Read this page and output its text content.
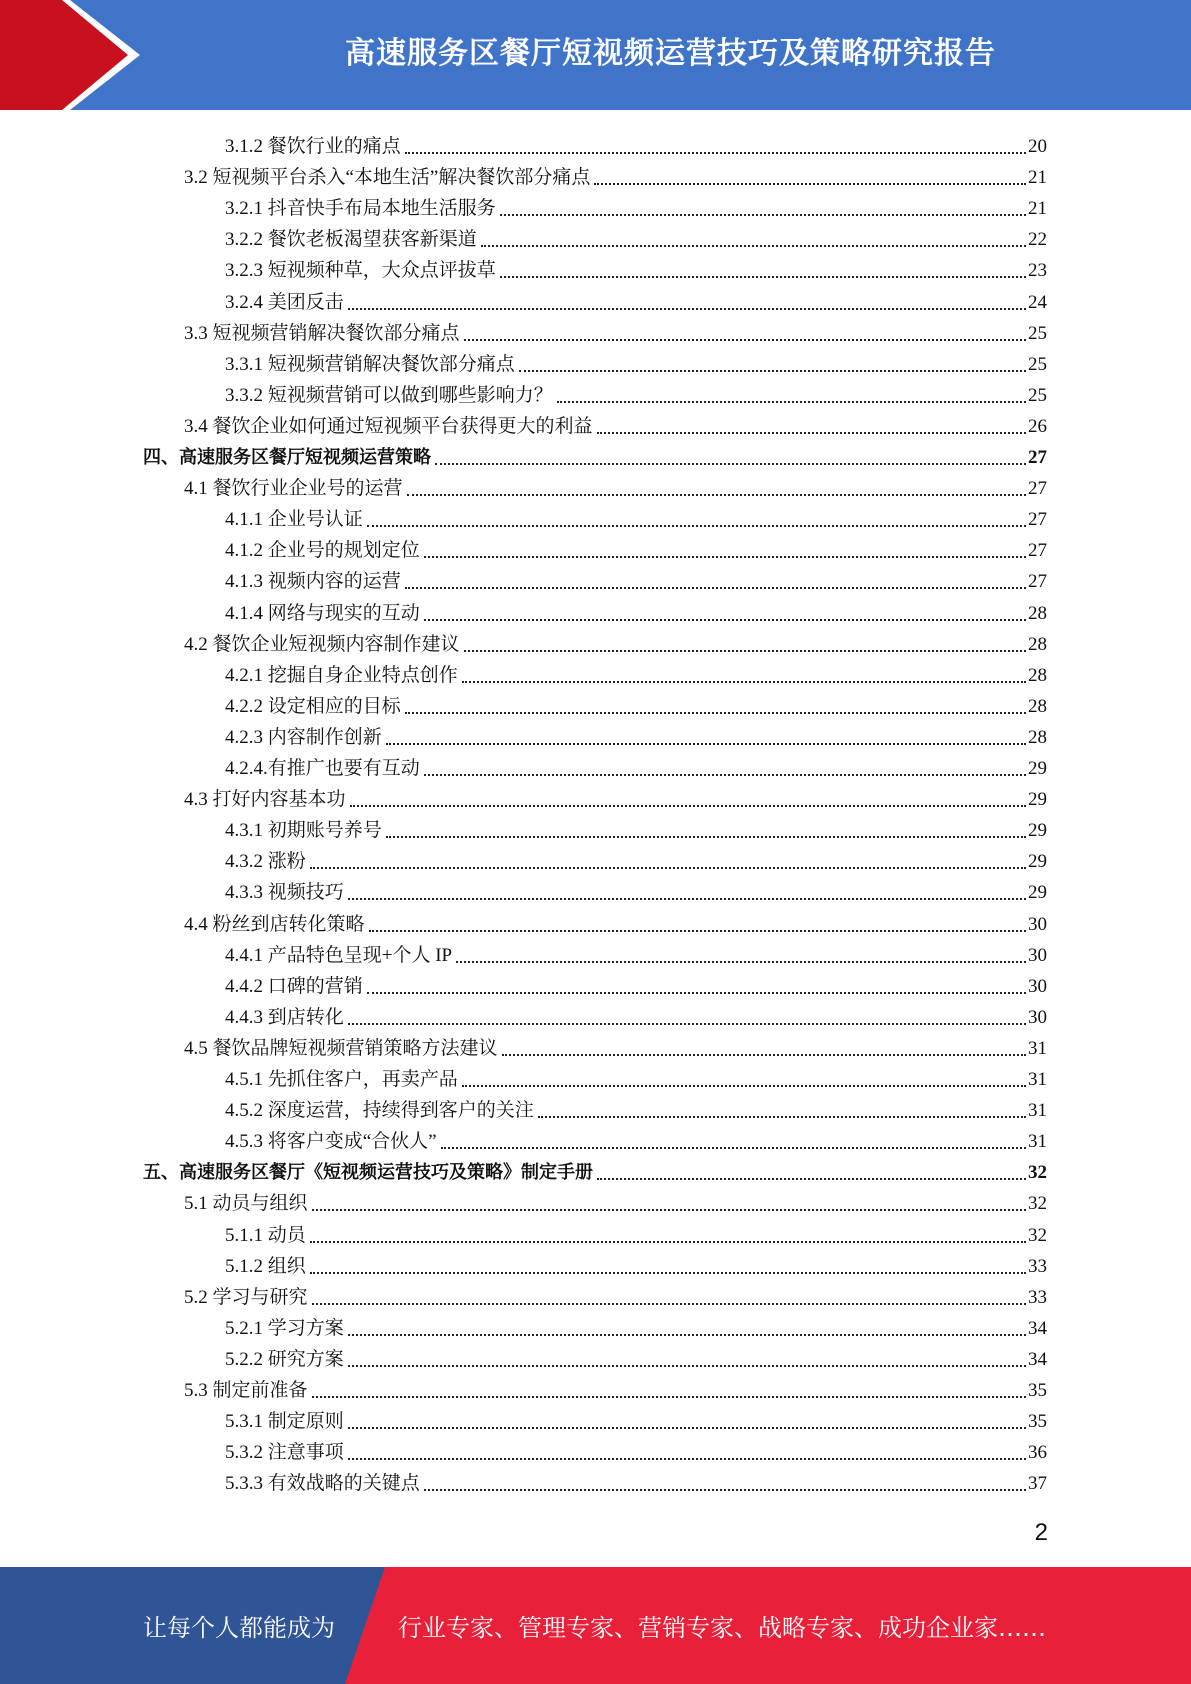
高速服务区餐厅短视频运营技巧及策略研究报告
3.1.2 餐饮行业的痛点	20
3.2 短视频平台杀入“本地生活”解决餐饮部分痛点	21
3.2.1 抖音快手布局本地生活服务	21
3.2.2 餐饮老板渴望获客新渠道	22
3.2.3 短视频种草，大众点评拔草	23
3.2.4 美团反击	24
3.3 短视频营销解决餐饮部分痛点	25
3.3.1 短视频营销解决餐饮部分痛点	25
3.3.2 短视频营销可以做到哪些影响力？	25
3.4 餐饮企业如何通过短视频平台获得更大的利益	26
四、高速服务区餐厅短视频运营策略	27
4.1 餐饮行业企业号的运营	27
4.1.1 企业号认证	27
4.1.2 企业号的规划定位	27
4.1.3 视频内容的运营	27
4.1.4 网络与现实的互动	28
4.2 餐饮企业短视频内容制作建议	28
4.2.1 挖掘自身企业特点创作	28
4.2.2 设定相应的目标	28
4.2.3 内容制作创新	28
4.2.4.有推广也要有互动	29
4.3 打好内容基本功	29
4.3.1 初期账号养号	29
4.3.2 涨粉	29
4.3.3 视频技巧	29
4.4 粉丝到店转化策略	30
4.4.1 产品特色呈现+个人 IP	30
4.4.2 口碑的营销	30
4.4.3 到店转化	30
4.5 餐饮品牌短视频营销策略方法建议	31
4.5.1 先抓住客户，再卖产品	31
4.5.2 深度运营，持续得到客户的关注	31
4.5.3 将客户变成“合伙人”	31
五、高速服务区餐厅《短视频运营技巧及策略》制定手册	32
5.1 动员与组织	32
5.1.1 动员	32
5.1.2 组织	33
5.2 学习与研究	33
5.2.1 学习方案	34
5.2.2 研究方案	34
5.3 制定前准备	35
5.3.1 制定原则	35
5.3.2 注意事项	36
5.3.3 有效战略的关键点	37
2
让每个人都能成为	行业专家、管理专家、营销专家、战略专家、成功企业家……
